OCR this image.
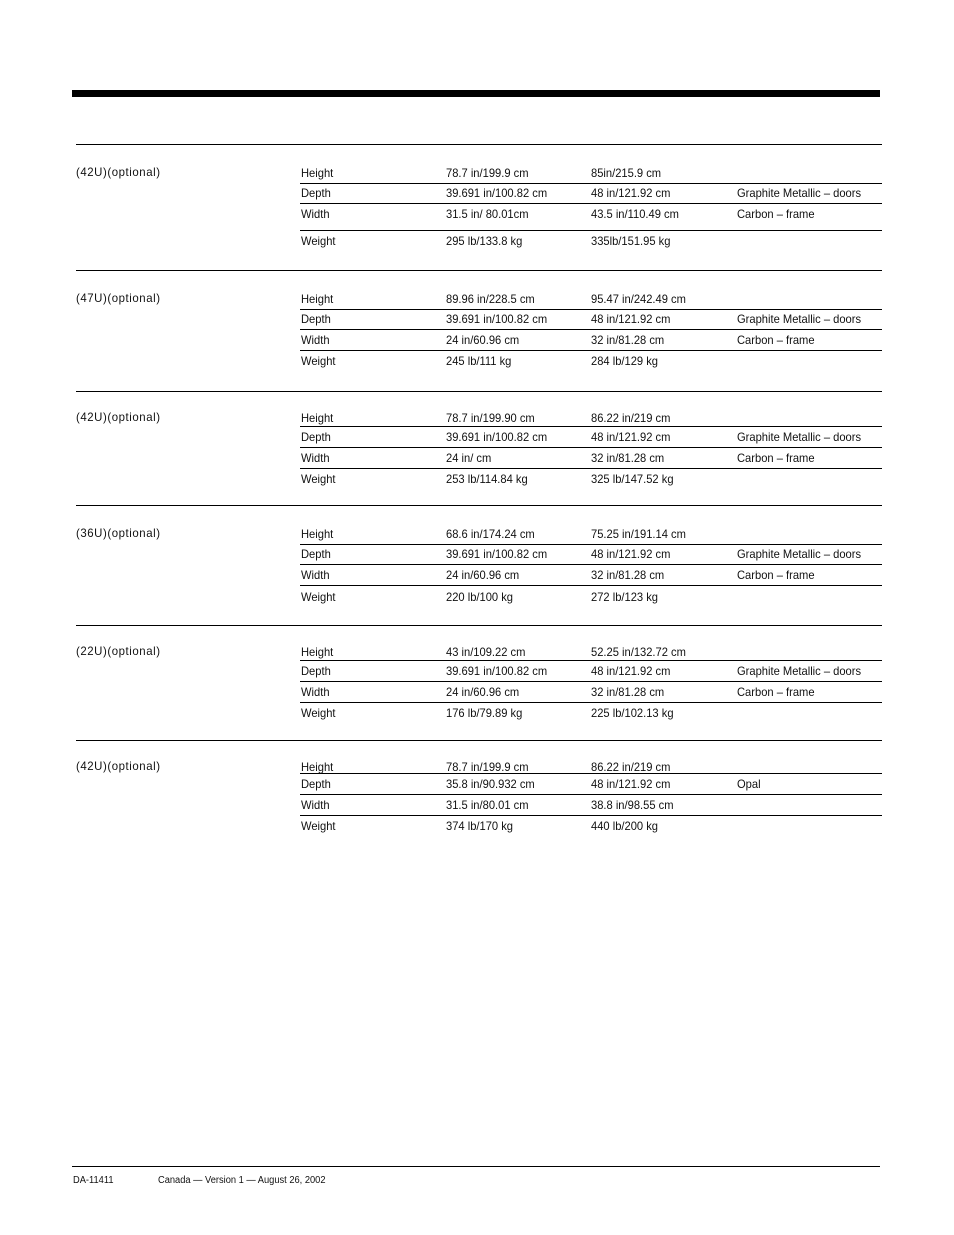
(42U)(optional)	Height	78.7 in/199.9 cm	85in/215.9 cm
Depth	39.691 in/100.82 cm	48 in/121.92 cm	Graphite Metallic – doors
Width	31.5 in/ 80.01cm	43.5 in/110.49 cm	Carbon – frame
Weight	295 lb/133.8 kg	335lb/151.95 kg
(47U)(optional)	Height	89.96 in/228.5 cm	95.47 in/242.49 cm
Depth	39.691 in/100.82 cm	48 in/121.92 cm	Graphite Metallic – doors
Width	24 in/60.96 cm	32 in/81.28 cm	Carbon – frame
Weight	245 lb/111 kg	284 lb/129 kg
(42U)(optional)	Height	78.7 in/199.90 cm	86.22 in/219 cm
Depth	39.691 in/100.82 cm	48 in/121.92 cm	Graphite Metallic – doors
Width	24 in/ cm	32 in/81.28 cm	Carbon – frame
Weight	253 lb/114.84 kg	325 lb/147.52 kg
(36U)(optional)	Height	68.6 in/174.24 cm	75.25 in/191.14 cm
Depth	39.691 in/100.82 cm	48 in/121.92 cm	Graphite Metallic – doors
Width	24 in/60.96 cm	32 in/81.28 cm	Carbon – frame
Weight	220 lb/100 kg	272 lb/123 kg
(22U)(optional)	Height	43 in/109.22 cm	52.25 in/132.72 cm
Depth	39.691 in/100.82 cm	48 in/121.92 cm	Graphite Metallic – doors
Width	24 in/60.96 cm	32 in/81.28 cm	Carbon – frame
Weight	176 lb/79.89 kg	225 lb/102.13 kg
(42U)(optional)	Height	78.7 in/199.9 cm	86.22 in/219 cm
Depth	35.8 in/90.932 cm	48 in/121.92 cm	Opal
Width	31.5 in/80.01 cm	38.8 in/98.55 cm
Weight	374 lb/170 kg	440 lb/200 kg
DA-11411	Canada — Version 1 — August 26, 2002
